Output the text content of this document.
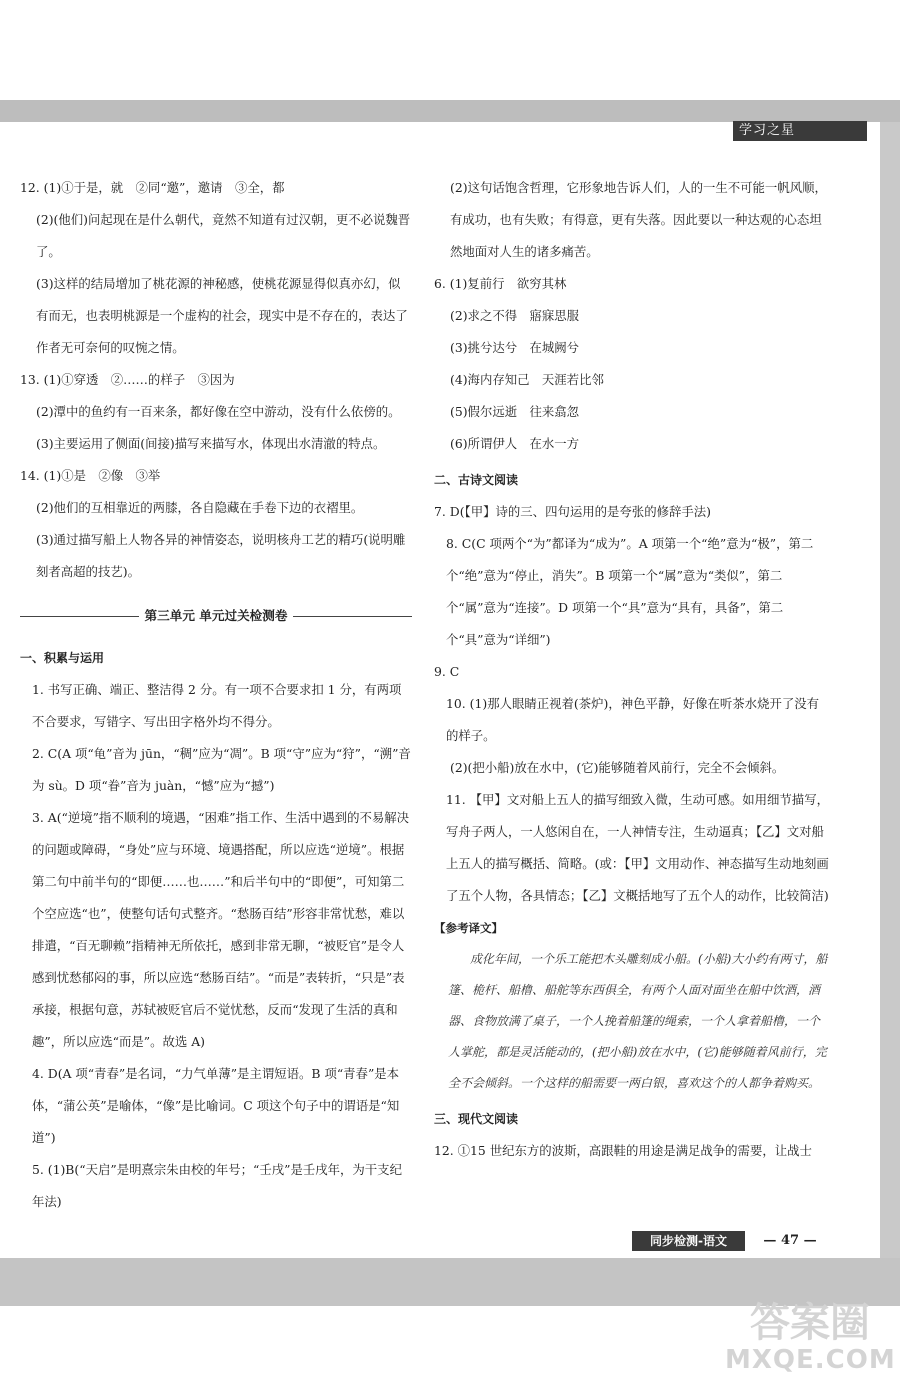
学习之星

12. (1)①于是，就　②同“邀”，邀请　③全，都

(2)(他们)问起现在是什么朝代，竟然不知道有过汉朝，更不必说魏晋了。

(3)这样的结局增加了桃花源的神秘感，使桃花源显得似真亦幻，似有而无，也表明桃源是一个虚构的社会，现实中是不存在的，表达了作者无可奈何的叹惋之情。

13. (1)①穿透　②……的样子　③因为

(2)潭中的鱼约有一百来条，都好像在空中游动，没有什么依傍的。

(3)主要运用了侧面(间接)描写来描写水，体现出水清澈的特点。

14. (1)①是　②像　③举

(2)他们的互相靠近的两膝，各自隐藏在手卷下边的衣褶里。

(3)通过描写船上人物各异的神情姿态，说明核舟工艺的精巧(说明雕刻者高超的技艺)。

第三单元 单元过关检测卷

一、积累与运用

1. 书写正确、端正、整洁得 2 分。有一项不合要求扣 1 分，有两项不合要求，写错字、写出田字格外均不得分。

2. C(A 项“龟”音为 jūn，“稠”应为“凋”。B 项“守”应为“狩”，“溯”音为 sù。D 项“眷”音为 juàn，“憾”应为“撼”)

3. A(“逆境”指不顺利的境遇，“困难”指工作、生活中遇到的不易解决的问题或障碍，“身处”应与环境、境遇搭配，所以应选“逆境”。根据第二句中前半句的“即便……也……”和后半句中的“即便”，可知第二个空应选“也”，使整句话句式整齐。“愁肠百结”形容非常忧愁，难以排遣，“百无聊赖”指精神无所依托，感到非常无聊，“被贬官”是令人感到忧愁郁闷的事，所以应选“愁肠百结”。“而是”表转折，“只是”表承接，根据句意，苏轼被贬官后不觉忧愁，反而“发现了生活的真和趣”，所以应选“而是”。故选 A)

4. D(A 项“青春”是名词，“力气单薄”是主谓短语。B 项“青春”是本体，“蒲公英”是喻体，“像”是比喻词。C 项这个句子中的谓语是“知道”)

5. (1)B(“天启”是明熹宗朱由校的年号；“壬戌”是壬戌年，为干支纪年法)

(2)这句话饱含哲理，它形象地告诉人们，人的一生不可能一帆风顺，有成功，也有失败；有得意，更有失落。因此要以一种达观的心态坦然地面对人生的诸多痛苦。

6. (1)复前行　欲穷其林

(2)求之不得　寤寐思服

(3)挑兮达兮　在城阙兮

(4)海内存知己　天涯若比邻

(5)假尔远逝　往来翕忽

(6)所谓伊人　在水一方

二、古诗文阅读

7. D(【甲】诗的三、四句运用的是夸张的修辞手法)

8. C(C 项两个“为”都译为“成为”。A 项第一个“绝”意为“极”，第二个“绝”意为“停止，消失”。B 项第一个“属”意为“类似”，第二个“属”意为“连接”。D 项第一个“具”意为“具有，具备”，第二个“具”意为“详细”)

9. C

10. (1)那人眼睛正视着(茶炉)，神色平静，好像在听茶水烧开了没有的样子。

(2)(把小船)放在水中，(它)能够随着风前行，完全不会倾斜。

11. 【甲】文对船上五人的描写细致入微，生动可感。如用细节描写，写舟子两人，一人悠闲自在，一人神情专注，生动逼真；【乙】文对船上五人的描写概括、简略。(或：【甲】文用动作、神态描写生动地刻画了五个人物，各具情态；【乙】文概括地写了五个人的动作，比较简洁)

【参考译文】

成化年间，一个乐工能把木头雕刻成小船。(小船)大小约有两寸，船篷、桅杆、船橹、船舵等东西俱全，有两个人面对面坐在船中饮酒，酒器、食物放满了桌子，一个人挽着船篷的绳索，一个人拿着船橹，一个人掌舵，都是灵活能动的，(把小船)放在水中，(它)能够随着风前行，完全不会倾斜。一个这样的船需要一两白银，喜欢这个的人都争着购买。

三、现代文阅读

12. ①15 世纪东方的波斯，高跟鞋的用途是满足战争的需要，让战士

同步检测-语文	— 47 —
答案圈
MXQE.COM
